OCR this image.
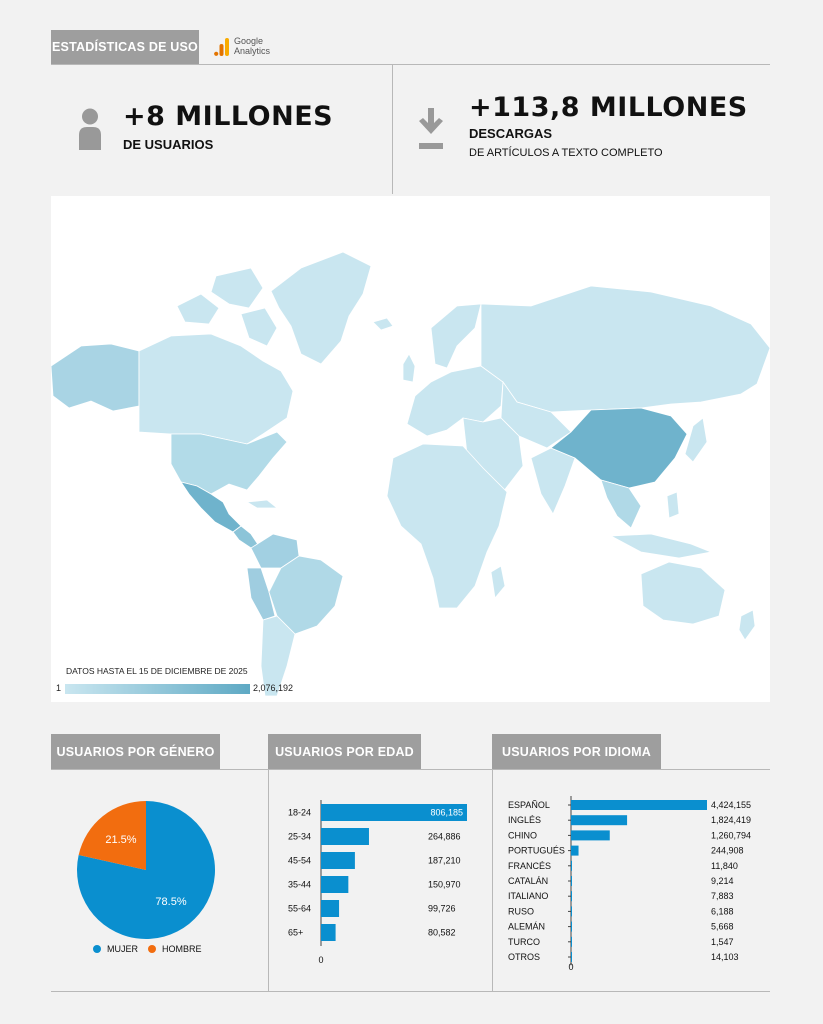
ESTADÍSTICAS DE USO	Google
Analytics
+8 MILLONES
DE USUARIOS
+113,8 MILLONES
DESCARGAS
DE ARTÍCULOS A TEXTO COMPLETO
DATOS HASTA EL 15 DE DICIEMBRE DE 2025
1	2,076,192
USUARIOS POR GÉNERO	USUARIOS POR EDAD	USUARIOS POR IDIOMA
78.5%
21.5%
MUJER	HOMBRE
18-24	806,185
25-34	264,886
45-54	187,210
35-44	150,970
55-64	99,726
65+	80,582
0
ESPAÑOL	4,424,155
INGLÉS	1,824,419
CHINO	1,260,794
PORTUGUÉS	244,908
FRANCÉS	11,840
CATALÁN	9,214
ITALIANO	7,883
RUSO	6,188
ALEMÁN	5,668
TURCO	1,547
OTROS	14,103
0
